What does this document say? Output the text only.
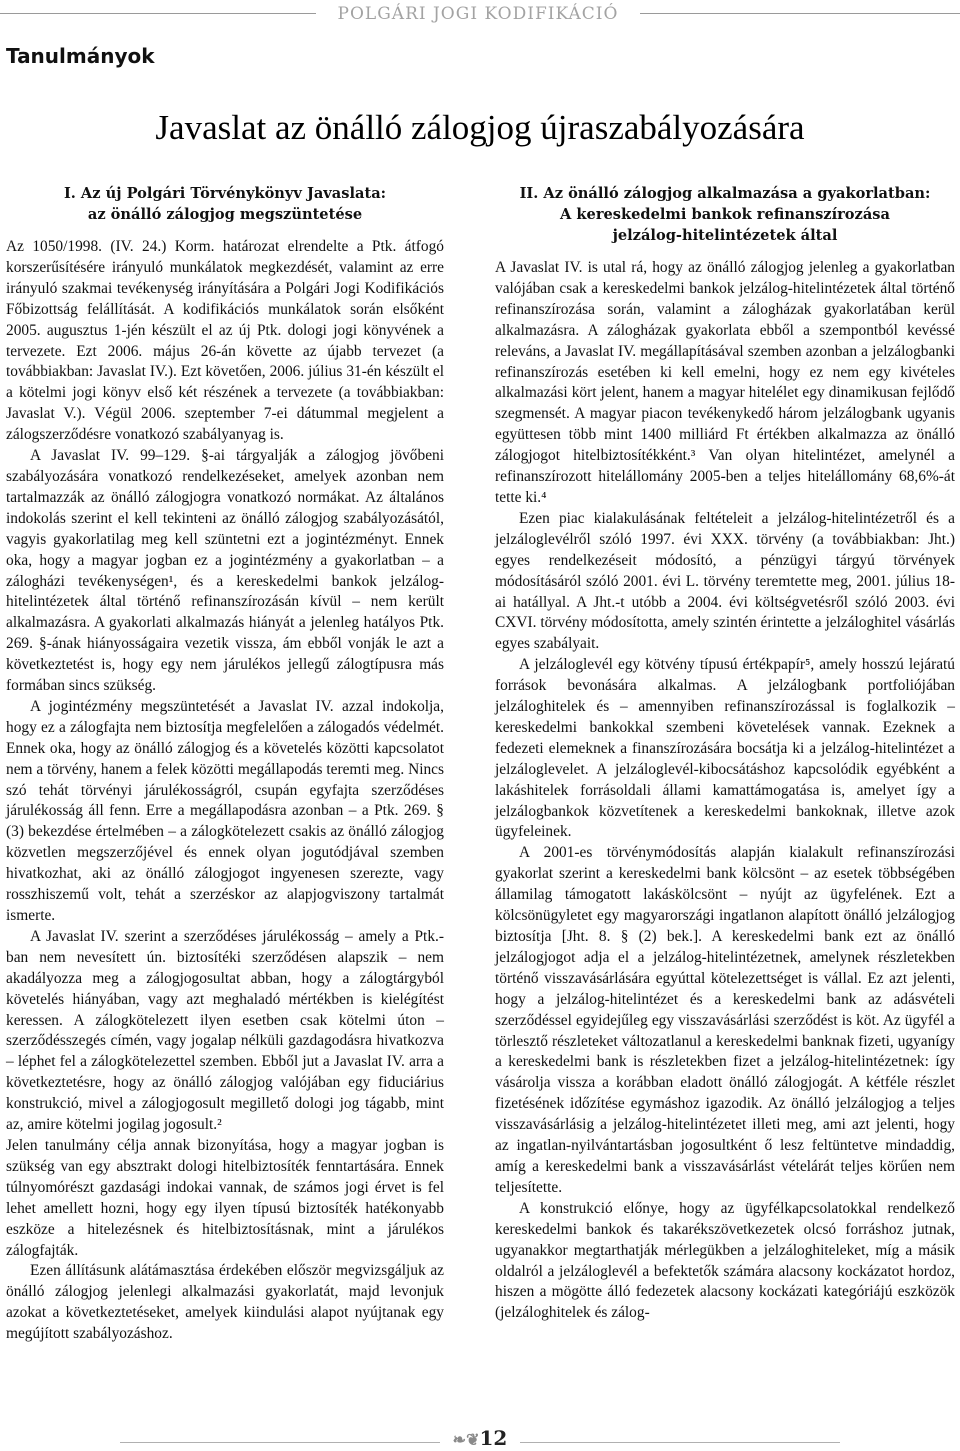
POLGÁRI JOGI KODIFIKÁCIÓ
Tanulmányok
Javaslat az önálló zálogjog újraszabályozására
I. Az új Polgári Törvénykönyv Javaslata:
az önálló zálogjog megszüntetése

Az 1050/1998. (IV. 24.) Korm. határozat elrendelte a Ptk. átfogó korszerűsítésére irányuló munkálatok megkezdését, valamint az erre irányuló szakmai tevékenység irányítására a Polgári Jogi Kodifikációs Főbizottság felállítását. A kodifikációs munkálatok során elsőként 2005. augusztus 1-jén készült el az új Ptk. dologi jogi könyvének a tervezete. Ezt 2006. május 26-án követte az újabb tervezet (a továbbiakban: Javaslat IV.). Ezt követően, 2006. július 31-én készült el a kötelmi jogi könyv első két részének a tervezete (a továbbiakban: Javaslat V.). Végül 2006. szeptember 7-ei dátummal megjelent a zálogszerződésre vonatkozó szabályanyag is.

A Javaslat IV. 99–129. §-ai tárgyalják a zálogjog jövőbeni szabályozására vonatkozó rendelkezéseket, amelyek azonban nem tartalmazzák az önálló zálogjogra vonatkozó normákat. Az általános indokolás szerint el kell tekinteni az önálló zálogjog szabályozásától, vagyis gyakorlatilag meg kell szüntetni ezt a jogintézményt. Ennek oka, hogy a magyar jogban ez a jogintézmény a gyakorlatban – a zálogházi tevékenységen¹, és a kereskedelmi bankok jelzálog-hitelintézetek által történő refinanszírozásán kívül – nem került alkalmazásra. A gyakorlati alkalmazás hiányát a jelenleg hatályos Ptk. 269. §-ának hiányosságaira vezetik vissza, ám ebből vonják le azt a következtetést is, hogy egy nem járulékos jellegű zálogtípusra más formában sincs szükség.

A jogintézmény megszüntetését a Javaslat IV. azzal indokolja, hogy ez a zálogfajta nem biztosítja megfelelően a zálogadós védelmét. Ennek oka, hogy az önálló zálogjog és a követelés közötti kapcsolatot nem a törvény, hanem a felek közötti megállapodás teremti meg. Nincs szó tehát törvényi járulékosságról, csupán egyfajta szerződéses járulékosság áll fenn. Erre a megállapodásra azonban – a Ptk. 269. § (3) bekezdése értelmében – a zálogkötelezett csakis az önálló zálogjog közvetlen megszerzőjével és ennek olyan jogutódjával szemben hivatkozhat, aki az önálló zálogjogot ingyenesen szerezte, vagy rosszhiszemű volt, tehát a szerzéskor az alapjogviszony tartalmát ismerte.

A Javaslat IV. szerint a szerződéses járulékosság – amely a Ptk.-ban nem nevesített ún. biztosítéki szerződésen alapszik – nem akadályozza meg a zálogjogosultat abban, hogy a zálogtárgyból követelés hiányában, vagy azt meghaladó mértékben is kielégítést keressen. A zálogkötelezett ilyen esetben csak kötelmi úton – szerződésszegés címén, vagy jogalap nélküli gazdagodásra hivatkozva – léphet fel a zálogkötelezettel szemben. Ebből jut a Javaslat IV. arra a következtetésre, hogy az önálló zálogjog valójában egy fiduciárius konstrukció, mivel a zálogjogosult megillető dologi jog tágabb, mint az, amire kötelmi jogilag jogosult.²

Jelen tanulmány célja annak bizonyítása, hogy a magyar jogban is szükség van egy absztrakt dologi hitelbiztosíték fenntartására. Ennek túlnyomórészt gazdasági indokai vannak, de számos jogi érvet is fel lehet amellett hozni, hogy egy ilyen típusú biztosíték hatékonyabb eszköze a hitelezésnek és hitelbiztosításnak, mint a járulékos zálogfajták.

Ezen állításunk alátámasztása érdekében először megvizsgáljuk az önálló zálogjog jelenlegi alkalmazási gyakorlatát, majd levonjuk azokat a következtetéseket, amelyek kiindulási alapot nyújtanak egy megújított szabályozáshoz.

II. Az önálló zálogjog alkalmazása a gyakorlatban:
A kereskedelmi bankok refinanszírozása
jelzálog-hitelintézetek által

A Javaslat IV. is utal rá, hogy az önálló zálogjog jelenleg a gyakorlatban valójában csak a kereskedelmi bankok jelzálog-hitelintézetek által történő refinanszírozása során, valamint a zálogházak gyakorlatában kerül alkalmazásra. A zálogházak gyakorlata ebből a szempontból kevéssé releváns, a Javaslat IV. megállapításával szemben azonban a jelzálogbanki refinanszírozás esetében ki kell emelni, hogy ez nem egy kivételes alkalmazási kört jelent, hanem a magyar hitelélet egy dinamikusan fejlődő szegmensét. A magyar piacon tevékenykedő három jelzálogbank ugyanis együttesen több mint 1400 milliárd Ft értékben alkalmazza az önálló zálogjogot hitelbiztosítékként.³ Van olyan hitelintézet, amelynél a refinanszírozott hitelállomány 2005-ben a teljes hitelállomány 68,6%-át tette ki.⁴

Ezen piac kialakulásának feltételeit a jelzálog-hitelintézetről és a jelzáloglevélről szóló 1997. évi XXX. törvény (a továbbiakban: Jht.) egyes rendelkezéseit módosító, a pénzügyi tárgyú törvények módosításáról szóló 2001. évi L. törvény teremtette meg, 2001. július 18-ai hatállyal. A Jht.-t utóbb a 2004. évi költségvetésről szóló 2003. évi CXVI. törvény módosította, amely szintén érintette a jelzáloghitel vásárlás egyes szabályait.

A jelzáloglevél egy kötvény típusú értékpapír⁵, amely hosszú lejáratú források bevonására alkalmas. A jelzálogbank portfoliójában jelzáloghitelek és – amennyiben refinanszírozással is foglalkozik – kereskedelmi bankokkal szembeni követelések vannak. Ezeknek a fedezeti elemeknek a finanszírozására bocsátja ki a jelzálog-hitelintézet a jelzáloglevelet. A jelzáloglevél-kibocsátáshoz kapcsolódik egyébként a lakáshitelek forrásoldali állami kamattámogatása is, amelyet így a jelzálogbankok közvetítenek a kereskedelmi bankoknak, illetve azok ügyfeleinek.

A 2001-es törvénymódosítás alapján kialakult refinanszírozási gyakorlat szerint a kereskedelmi bank kölcsönt – az esetek többségében államilag támogatott lakáskölcsönt – nyújt az ügyfelének. Ezt a kölcsönügyletet egy magyarországi ingatlanon alapított önálló jelzálogjog biztosítja [Jht. 8. § (2) bek.]. A kereskedelmi bank ezt az önálló jelzálogjogot adja el a jelzálog-hitelintézetnek, amelynek részletekben történő visszavásárlására egyúttal kötelezettséget is vállal. Ez azt jelenti, hogy a jelzálog-hitelintézet és a kereskedelmi bank az adásvételi szerződéssel egyidejűleg egy visszavásárlási szerződést is köt. Az ügyfél a törlesztő részleteket változatlanul a kereskedelmi banknak fizeti, ugyanígy a kereskedelmi bank is részletekben fizet a jelzálog-hitelintézetnek: így vásárolja vissza a korábban eladott önálló zálogjogát. A kétféle részlet fizetésének időzítése egymáshoz igazodik. Az önálló jelzálogjog a teljes visszavásárlásig a jelzálog-hitelintézetet illeti meg, ami azt jelenti, hogy az ingatlan-nyilvántartásban jogosultként ő lesz feltüntetve mindaddig, amíg a kereskedelmi bank a visszavásárlást vételárát teljes körűen nem teljesítette.

A konstrukció előnye, hogy az ügyfélkapcsolatokkal rendelkező kereskedelmi bankok és takarékszövetkezetek olcsó forráshoz jutnak, ugyanakkor megtarthatják mérlegükben a jelzáloghiteleket, míg a másik oldalról a jelzáloglevél a befektetők számára alacsony kockázatot hordoz, hiszen a mögötte álló fedezetek alacsony kockázati kategóriájú eszközök (jelzáloghitelek és zálog-

❧❦12
